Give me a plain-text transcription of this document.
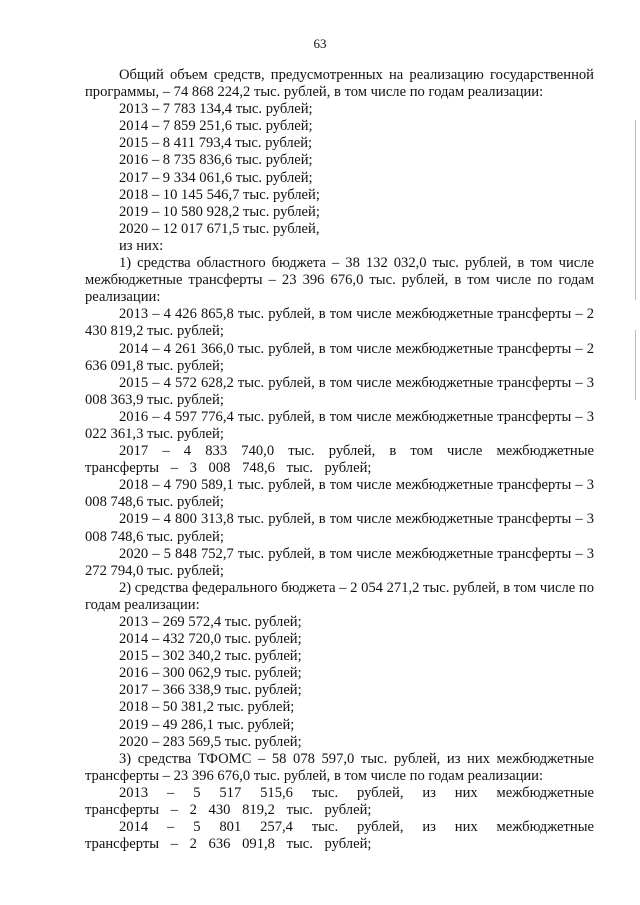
63

Общий объем средств, предусмотренных на реализацию государственной программы, – 74 868 224,2 тыс. рублей, в том числе по годам реализации:

2013 – 7 783 134,4 тыс. рублей;

2014 – 7 859 251,6 тыс. рублей;

2015 – 8 411 793,4 тыс. рублей;

2016 – 8 735 836,6 тыс. рублей;

2017 – 9 334 061,6 тыс. рублей;

2018 – 10 145 546,7 тыс. рублей;

2019 – 10 580 928,2 тыс. рублей;

2020 – 12 017 671,5 тыс. рублей,

из них:

1) средства областного бюджета – 38 132 032,0 тыс. рублей, в том числе межбюджетные трансферты – 23 396 676,0 тыс. рублей, в том числе по годам реализации:

2013 – 4 426 865,8 тыс. рублей, в том числе межбюджетные трансферты – 2 430 819,2 тыс. рублей;

2014 – 4 261 366,0 тыс. рублей, в том числе межбюджетные трансферты – 2 636 091,8 тыс. рублей;

2015 – 4 572 628,2 тыс. рублей, в том числе межбюджетные трансферты – 3 008 363,9 тыс. рублей;

2016 – 4 597 776,4 тыс. рублей, в том числе межбюджетные трансферты – 3 022 361,3 тыс. рублей;

2017 – 4 833 740,0 тыс. рублей, в том числе межбюджетные трансферты – 3 008 748,6 тыс. рублей;

2018 – 4 790 589,1 тыс. рублей, в том числе межбюджетные трансферты – 3 008 748,6 тыс. рублей;

2019 – 4 800 313,8 тыс. рублей, в том числе межбюджетные трансферты – 3 008 748,6 тыс. рублей;

2020 – 5 848 752,7 тыс. рублей, в том числе межбюджетные трансферты – 3 272 794,0 тыс. рублей;

2) средства федерального бюджета – 2 054 271,2 тыс. рублей, в том числе по годам реализации:

2013 – 269 572,4 тыс. рублей;

2014 – 432 720,0 тыс. рублей;

2015 – 302 340,2 тыс. рублей;

2016 – 300 062,9 тыс. рублей;

2017 – 366 338,9 тыс. рублей;

2018 – 50 381,2 тыс. рублей;

2019 – 49 286,1 тыс. рублей;

2020 – 283 569,5 тыс. рублей;

3) средства ТФОМС – 58 078 597,0 тыс. рублей, из них межбюджетные трансферты – 23 396 676,0 тыс. рублей, в том числе по годам реализации:

2013 – 5 517 515,6 тыс. рублей, из них межбюджетные трансферты – 2 430 819,2 тыс. рублей;

2014 – 5 801 257,4 тыс. рублей, из них межбюджетные трансферты – 2 636 091,8 тыс. рублей;
